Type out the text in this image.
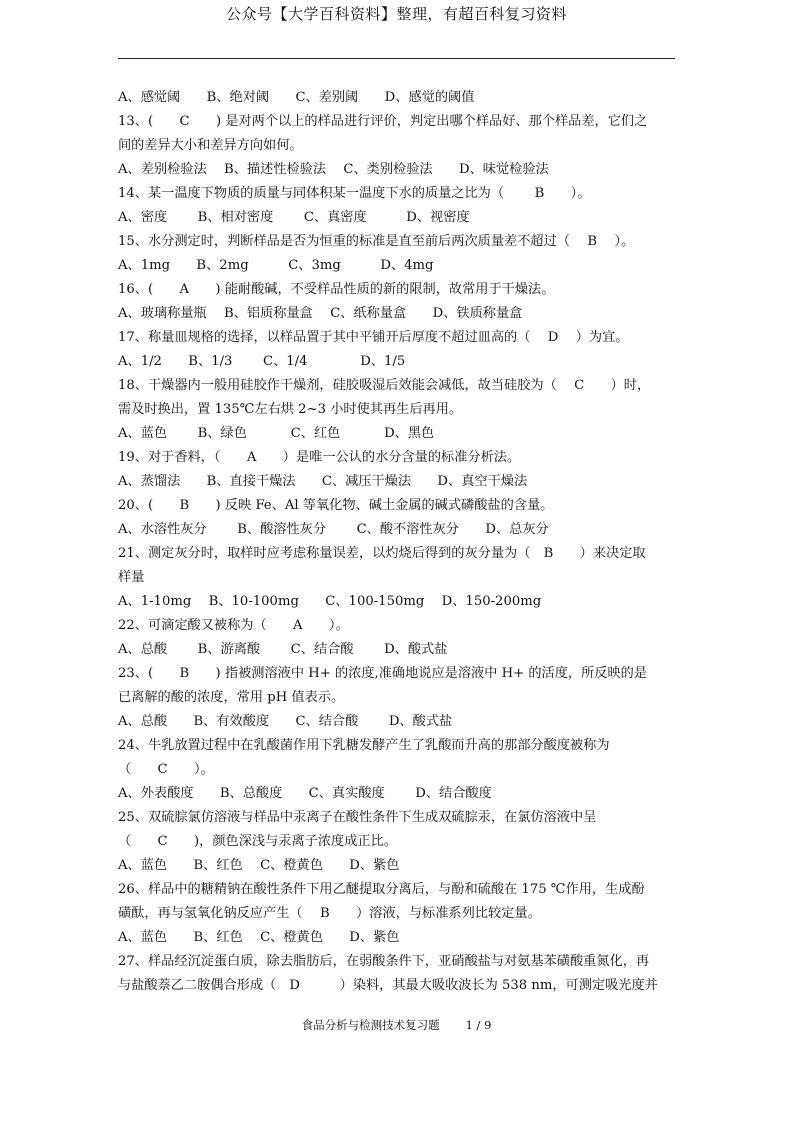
公众号【大学百科资料】整理，有超百科复习资料
A、感觉阈　　B、绝对阈　　C、差别阈　　D、感觉的阈值
13、(　　C　　) 是对两个以上的样品进行评价，判定出哪个样品好、那个样品差，它们之
间的差异大小和差异方向如何。
A、差别检验法　 B、描述性检验法　 C、类别检验法　　D、味觉检验法
14、某一温度下物质的质量与同体积某一温度下水的质量之比为（　　 B　　）。
A、密度　　 B、相对密度　　 C、真密度　　　D、视密度
15、水分测定时，判断样品是否为恒重的标准是直至前后两次质量差不超过（　 B　 ）。
A、1mg　　B、2mg　　　C、3mg　　　D、4mg
16、(　　A　　) 能耐酸碱，不受样品性质的新的限制，故常用于干燥法。
A、玻璃称量瓶　 B、铝质称量盒　 C、纸称量盒　　D、铁质称量盒
17、称量皿规格的选择，以样品置于其中平铺开后厚度不超过皿高的（　 D　 ）为宜。
A、1/2　　B、1/3　　 C、1/4　　　　D、1/5
18、干燥器内一般用硅胶作干燥剂，硅胶吸湿后效能会减低，故当硅胶为（　 C　　）时，
需及时换出，置 135℃左右烘 2~3 小时使其再生后再用。
A、蓝色　　 B、绿色　　　 C、红色　　　 D、黑色
19、对于香料，（　　A　　）是唯一公认的水分含量的标准分析法。
A、蒸馏法　　B、直接干燥法　　C、减压干燥法　　D、真空干燥法
20、(　　B　　) 反映 Fe、Al 等氧化物、碱土金属的碱式磷酸盐的含量。
A、水溶性灰分　　 B、酸溶性灰分　　 C、酸不溶性灰分　　D、总灰分
21、测定灰分时，取样时应考虑称量误差，以灼烧后得到的灰分量为（　B　　）来决定取
样量
A、1-10mg　 B、10-100mg　　C、100-150mg　 D、150-200mg
22、可滴定酸又被称为（　　A　　）。
A、总酸　　 B、游离酸　　 C、结合酸　　 D、酸式盐
23、(　　B　　) 指被测溶液中 H+ 的浓度,准确地说应是溶液中 H+ 的活度，所反映的是
已离解的酸的浓度，常用 pH 值表示。
A、总酸　　B、有效酸度　　C、结合酸　　 D、酸式盐
24、牛乳放置过程中在乳酸菌作用下乳糖发酵产生了乳酸而升高的那部分酸度被称为
（　　C　　）。
A、外表酸度　　B、总酸度　　C、真实酸度　　 D、结合酸度
25、双硫腙氯仿溶液与样品中汞离子在酸性条件下生成双硫腙汞，在氯仿溶液中呈
（　　C　　)，颜色深浅与汞离子浓度成正比。
A、蓝色　　B、红色　 C、橙黄色　　D、紫色
26、样品中的糖精钠在酸性条件下用乙醚提取分离后，与酚和硫酸在 175 ℃作用，生成酚
磺酞，再与氢氧化钠反应产生（　 B　　）溶液，与标准系列比较定量。
A、蓝色　　B、红色　 C、橙黄色　　D、紫色
27、样品经沉淀蛋白质，除去脂肪后，在弱酸条件下，亚硝酸盐与对氨基苯磺酸重氮化，再
与盐酸萘乙二胺偶合形成（　D　　　）染料，其最大吸收波长为 538 nm，可测定吸光度并
食品分析与检测技术复习题 1 / 9
